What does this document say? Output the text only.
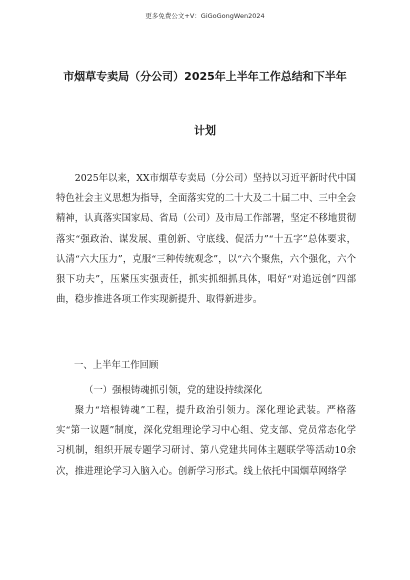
更多免费公文+V：GiGoGongWen2024
市烟草专卖局（分公司）2025年上半年工作总结和下半年
计划
2025年以来，XX市烟草专卖局（分公司）坚持以习近平新时代中国特色社会主义思想为指导，全面落实党的二十大及二十届二中、三中全会精神，认真落实国家局、省局（公司）及市局工作部署，坚定不移地贯彻落实“强政治、谋发展、重创新、守底线、促活力”“十五字”总体要求，认清“六大压力”，克服“三种传统观念”，以“六个聚焦，六个强化，六个狠下功夫”，压紧压实强责任，抓实抓细抓具体，唱好“对追远创”四部曲，稳步推进各项工作实现新提升、取得新进步。
一、上半年工作回顾
（一）强根铸魂抓引领，党的建设持续深化
聚力“培根铸魂”工程，提升政治引领力。深化理论武装。严格落实“第一议题”制度，深化党组理论学习中心组、党支部、党员常态化学习机制，组织开展专题学习研讨、第八党建共同体主题联学等活动10余次，推进理论学习入脑入心。创新学习形式。线上依托中国烟草网络学
